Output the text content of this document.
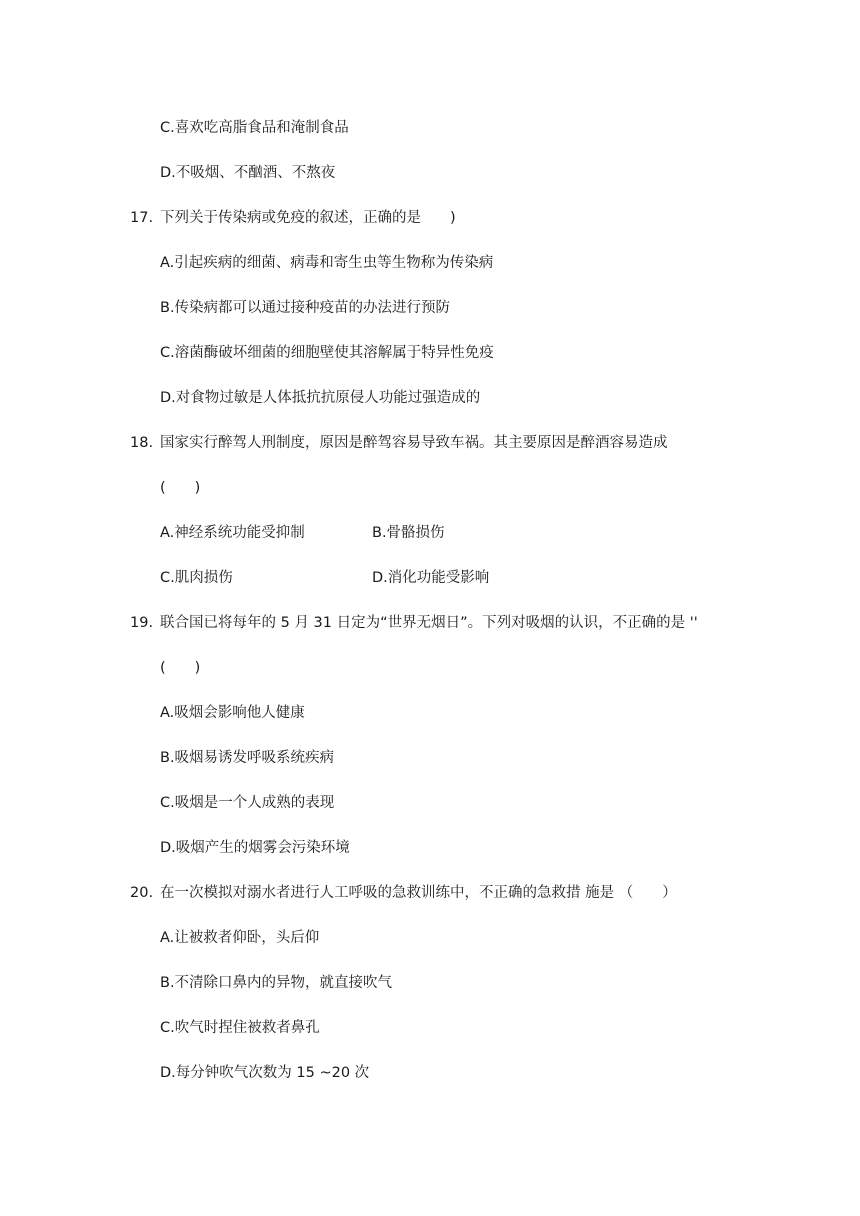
C.喜欢吃高脂食品和淹制食品
D.不吸烟、不酗酒、不熬夜
17. 下列关于传染病或免疫的叙述，正确的是　　)
A.引起疾病的细菌、病毒和寄生虫等生物称为传染病
B.传染病都可以通过接种疫苗的办法进行预防
C.溶菌酶破坏细菌的细胞壁使其溶解属于特异性免疫
D.对食物过敏是人体抵抗抗原侵人功能过强造成的
18. 国家实行醉驾人刑制度，原因是醉驾容易导致车祸。其主要原因是醉酒容易造成
(　　)
A.神经系统功能受抑制	B.骨骼损伤
C.肌肉损伤	D.消化功能受影响
19. 联合国已将每年的 5 月 31 日定为“世界无烟日”。下列对吸烟的认识，不正确的是 ''
(　　)
A.吸烟会影响他人健康
B.吸烟易诱发呼吸系统疾病
C.吸烟是一个人成熟的表现
D.吸烟产生的烟雾会污染环境
20. 在一次模拟对溺水者进行人工呼吸的急救训练中，不正确的急救措 施是 （　　）
A.让被救者仰卧，头后仰
B.不清除口鼻内的异物，就直接吹气
C.吹气时捏住被救者鼻孔
D.每分钟吹气次数为 15 ~20 次
